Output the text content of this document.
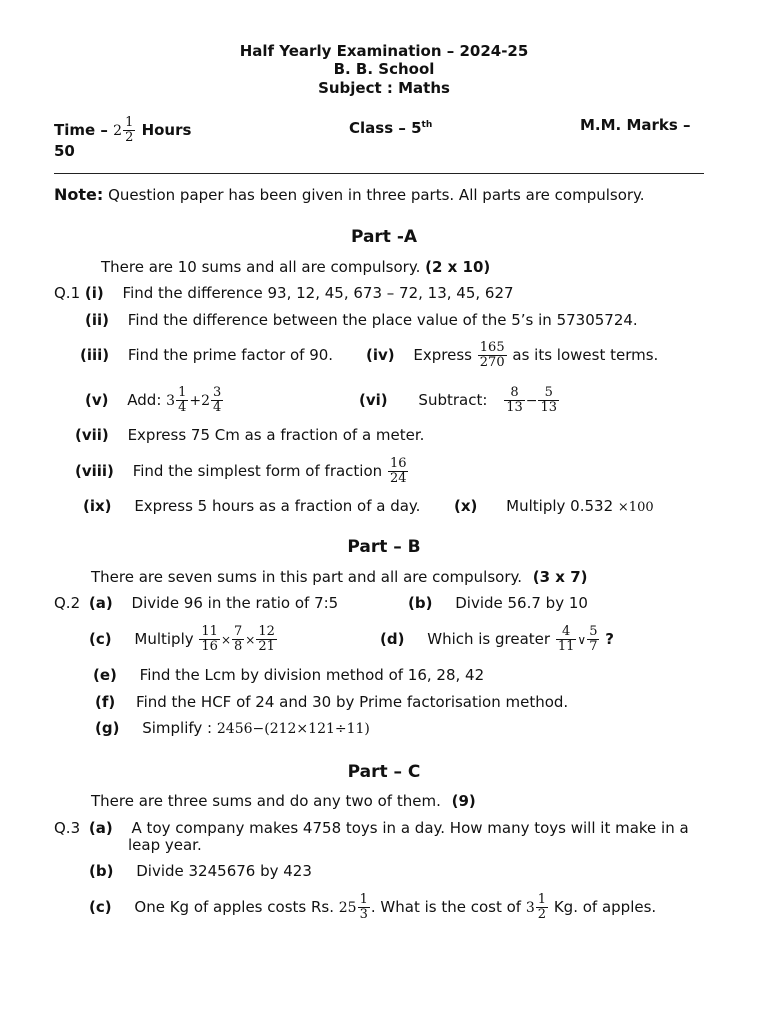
Half Yearly Examination – 2024-25
B. B. School
Subject : Maths
Time – $2 \frac{1}{2}$ Hours	Class – 5th	M.M. Marks –
50
Note: Question paper has been given in three parts. All parts are compulsory.
Part -A
There are 10 sums and all are compulsory. (2 x 10)
Q.1 (i) Find the difference 93, 12, 45, 673 – 72, 13, 45, 627
(ii) Find the difference between the place value of the 5’s in 57305724.
(iii) Find the prime factor of 90. (iv) Express $\frac{165}{270}$ as its lowest terms.
(v) Add: $3 \frac{1}{4} +2 \frac{3}{4}$	(vi) Subtract: $\frac{8}{13} - \frac{5}{13}$
(vii) Express 75 Cm as a fraction of a meter.
(viii) Find the simplest form of fraction $\frac{16}{24}$
(ix) Express 5 hours as a fraction of a day. (x) Multiply 0.532 ×100
Part – B
There are seven sums in this part and all are compulsory. (3 x 7)
Q.2 (a) Divide 96 in the ratio of 7:5	(b) Divide 56.7 by 10
(c) Multiply $\frac{11}{16} \times \frac{7}{8} \times \frac{12}{21}$	(d) Which is greater $\frac{4}{11}$ ∨ $\frac{5}{7}$ ?
(e) Find the Lcm by division method of 16, 28, 42
(f) Find the HCF of 24 and 30 by Prime factorisation method.
(g) Simplify : 2456−(212×121÷11)
Part – C
There are three sums and do any two of them. (9)
Q.3 (a) A toy company makes 4758 toys in a day. How many toys will it make in a
leap year.
(b) Divide 3245676 by 423
(c) One Kg of apples costs Rs. $25 \frac{1}{3}$ . What is the cost of $3 \frac{1}{2} Kg$. of apples.
